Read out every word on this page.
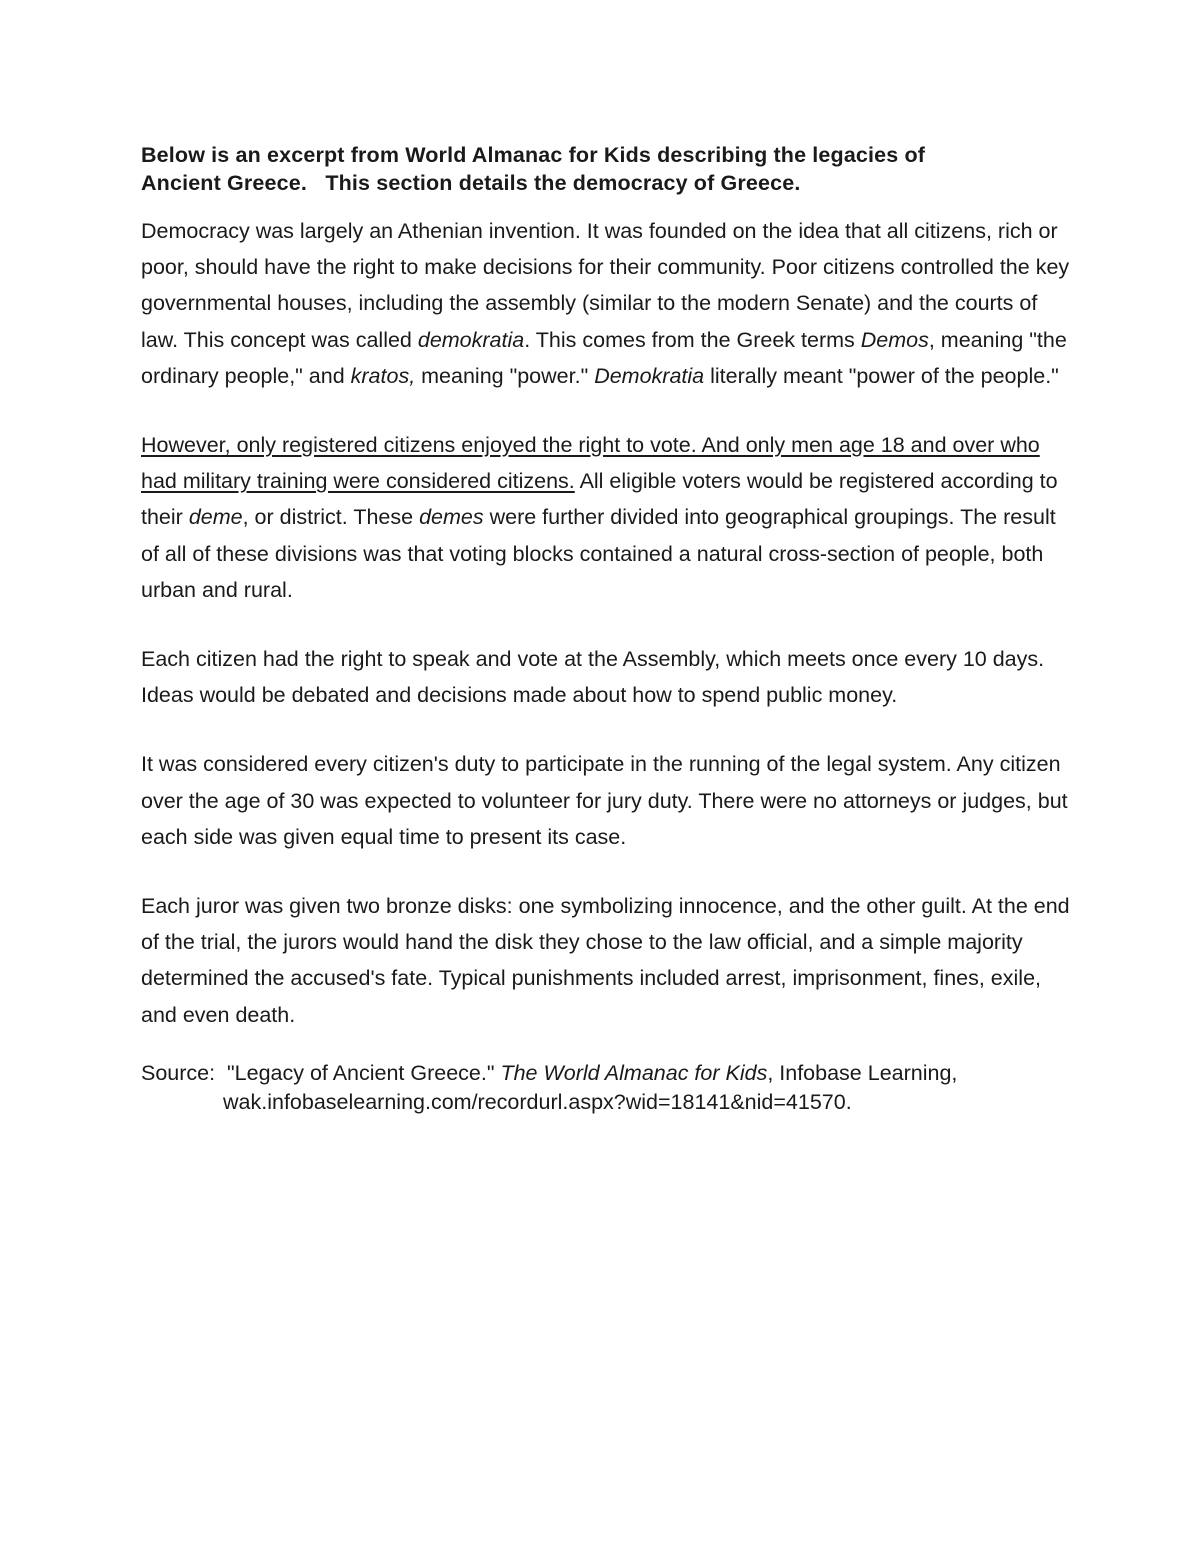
Below is an excerpt from World Almanac for Kids describing the legacies of
Ancient Greece.   This section details the democracy of Greece.

Democracy was largely an Athenian invention. It was founded on the idea that all citizens, rich or poor, should have the right to make decisions for their community. Poor citizens controlled the key governmental houses, including the assembly (similar to the modern Senate) and the courts of law. This concept was called demokratia. This comes from the Greek terms Demos, meaning "the ordinary people," and kratos, meaning "power." Demokratia literally meant "power of the people."

However, only registered citizens enjoyed the right to vote. And only men age 18 and over who had military training were considered citizens. All eligible voters would be registered according to their deme, or district. These demes were further divided into geographical groupings. The result of all of these divisions was that voting blocks contained a natural cross-section of people, both urban and rural.

Each citizen had the right to speak and vote at the Assembly, which meets once every 10 days. Ideas would be debated and decisions made about how to spend public money.

It was considered every citizen's duty to participate in the running of the legal system. Any citizen over the age of 30 was expected to volunteer for jury duty. There were no attorneys or judges, but each side was given equal time to present its case.

Each juror was given two bronze disks: one symbolizing innocence, and the other guilt. At the end of the trial, the jurors would hand the disk they chose to the law official, and a simple majority determined the accused's fate. Typical punishments included arrest, imprisonment, fines, exile, and even death.

Source:  "Legacy of Ancient Greece." The World Almanac for Kids, Infobase Learning,
wak.infobaselearning.com/recordurl.aspx?wid=18141&nid=41570.
